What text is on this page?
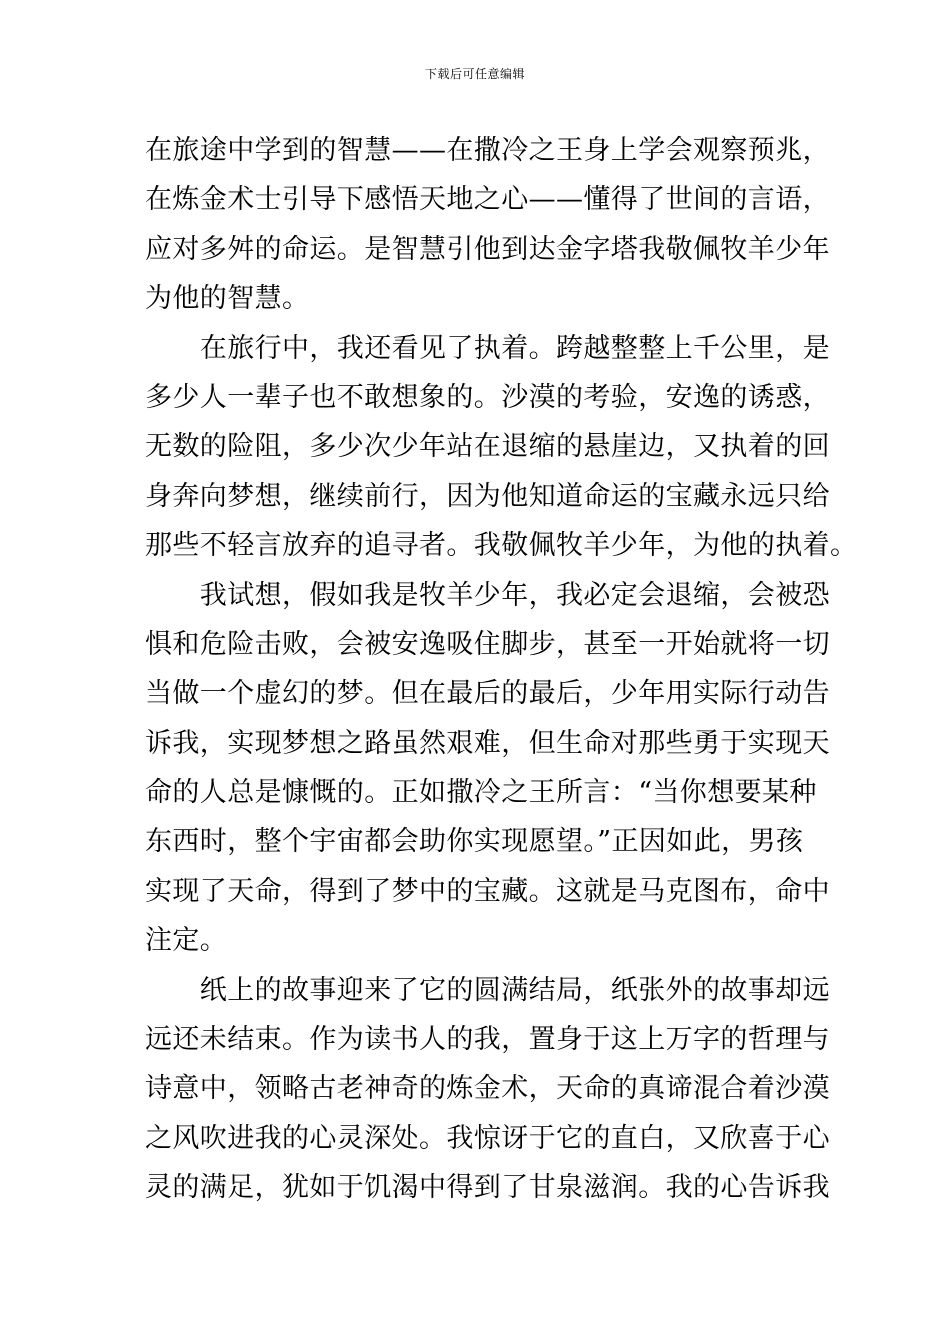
下载后可任意编辑
在旅途中学到的智慧——在撒冷之王身上学会观察预兆，
在炼金术士引导下感悟天地之心——懂得了世间的言语，
应对多舛的命运。是智慧引他到达金字塔我敬佩牧羊少年
为他的智慧。
　　在旅行中，我还看见了执着。跨越整整上千公里，是
多少人一辈子也不敢想象的。沙漠的考验，安逸的诱惑，
无数的险阻，多少次少年站在退缩的悬崖边，又执着的回
身奔向梦想，继续前行，因为他知道命运的宝藏永远只给
那些不轻言放弃的追寻者。我敬佩牧羊少年，为他的执着。
　　我试想，假如我是牧羊少年，我必定会退缩，会被恐
惧和危险击败，会被安逸吸住脚步，甚至一开始就将一切
当做一个虚幻的梦。但在最后的最后，少年用实际行动告
诉我，实现梦想之路虽然艰难，但生命对那些勇于实现天
命的人总是慷慨的。正如撒冷之王所言：“当你想要某种
东西时，整个宇宙都会助你实现愿望。”正因如此，男孩
实现了天命，得到了梦中的宝藏。这就是马克图布，命中
注定。
　　纸上的故事迎来了它的圆满结局，纸张外的故事却远
远还未结束。作为读书人的我，置身于这上万字的哲理与
诗意中，领略古老神奇的炼金术，天命的真谛混合着沙漠
之风吹进我的心灵深处。我惊讶于它的直白，又欣喜于心
灵的满足，犹如于饥渴中得到了甘泉滋润。我的心告诉我
